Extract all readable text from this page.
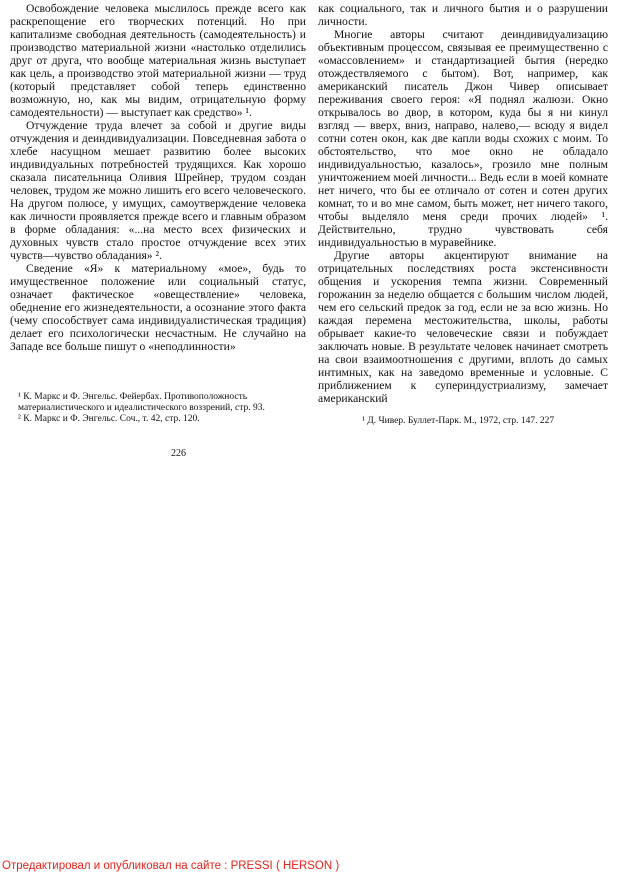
Освобождение человека мыслилось прежде всего как раскрепощение его творческих потенций. Но при капитализме свободная деятельность (самодеятельность) и производство материальной жизни «настолько отделились друг от друга, что вообще материальная жизнь выступает как цель, а производство этой материальной жизни — труд (который представляет собой теперь единственно возможную, но, как мы видим, отрицательную форму самодеятельности) — выступает как средство» ¹.

Отчуждение труда влечет за собой и другие виды отчуждения и деиндивидуализации. Повседневная забота о хлебе насущном мешает развитию более высоких индивидуальных потребностей трудящихся. Как хорошо сказала писательница Оливия Шрейнер, трудом создан человек, трудом же можно лишить его всего человеческого. На другом полюсе, у имущих, самоутверждение человека как личности проявляется прежде всего и главным образом в форме обладания: «...на место всех физических и духовных чувств стало простое отчуждение всех этих чувств—чувство обладания» ².

Сведение «Я» к материальному «мое», будь то имущественное положение или социальный статус, означает фактическое «овеществление» человека, обеднение его жизнедеятельности, а осознание этого факта (чему способствует сама индивидуалистическая традиция) делает его психологически несчастным. Не случайно на Западе все больше пишут о «неподлинности»

¹ К. Маркс и Ф. Энгельс. Фейербах. Противоположность материалистического и идеалистического воззрений, стр. 93.

² К. Маркс и Ф. Энгельс. Соч., т. 42, стр. 120.

226

как социального, так и личного бытия и о разрушении личности.

Многие авторы считают деиндивидуализацию объективным процессом, связывая ее преимущественно с «омассовлением» и стандартизацией бытия (нередко отождествляемого с бытом). Вот, например, как американский писатель Джон Чивер описывает переживания своего героя: «Я поднял жалюзи. Окно открывалось во двор, в котором, куда бы я ни кинул взгляд — вверх, вниз, направо, налево,— всюду я видел сотни сотен окон, как две капли воды схожих с моим. То обстоятельство, что мое окно не обладало индивидуальностью, казалось», грозило мне полным уничтожением моей личности... Ведь если в моей комнате нет ничего, что бы ее отличало от сотен и сотен других комнат, то и во мне самом, быть может, нет ничего такого, чтобы выделяло меня среди прочих людей» ¹. Действительно, трудно чувствовать себя индивидуальностью в муравейнике.

Другие авторы акцентируют внимание на отрицательных последствиях роста экстенсивности общения и ускорения темпа жизни. Современный горожанин за неделю общается с большим числом людей, чем его сельский предок за год, если не за всю жизнь. Но каждая перемена местожительства, школы, работы обрывает какие-то человеческие связи и побуждает заключать новые. В результате человек начинает смотреть на свои взаимоотношения с другими, вплоть до самых интимных, как на заведомо временные и условные. С приближением к супериндустриализму, замечает американский

¹ Д. Чивер. Буллет-Парк. М., 1972, стр. 147. 227

Отредактировал и опубликовал на сайте : PRESSI ( HERSON )
